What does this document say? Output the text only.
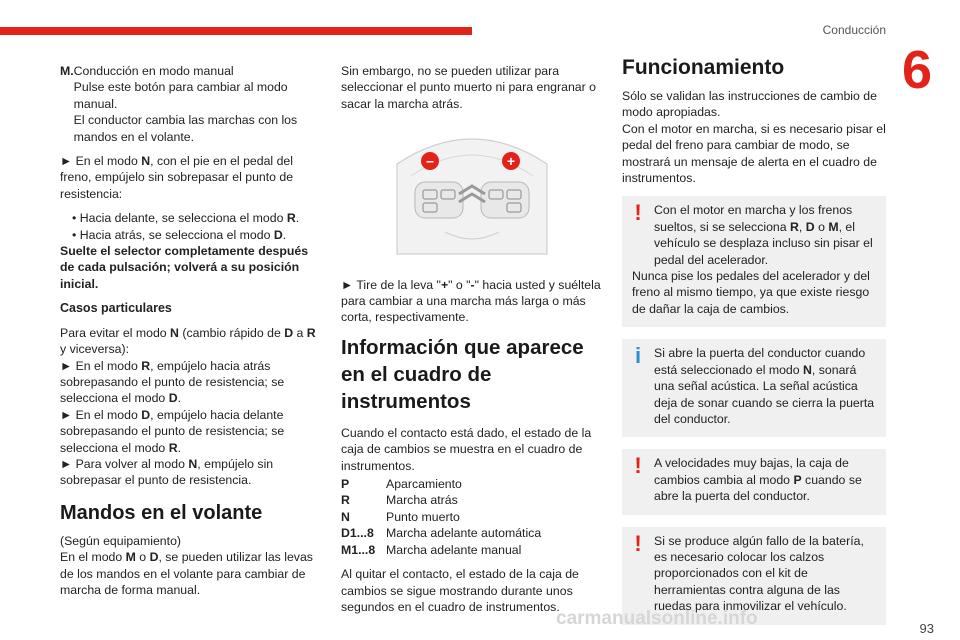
Conducción
6
M. Conducción en modo manual
Pulse este botón para cambiar al modo manual.
El conductor cambia las marchas con los mandos en el volante.

► En el modo N, con el pie en el pedal del freno, empújelo sin sobrepasar el punto de resistencia:

• Hacia delante, se selecciona el modo R.
• Hacia atrás, se selecciona el modo D.

Suelte el selector completamente después de cada pulsación; volverá a su posición inicial.

Casos particulares

Para evitar el modo N (cambio rápido de D a R y viceversa):
► En el modo R, empújelo hacia atrás sobrepasando el punto de resistencia; se selecciona el modo D.
► En el modo D, empújelo hacia delante sobrepasando el punto de resistencia; se selecciona el modo R.
► Para volver al modo N, empújelo sin sobrepasar el punto de resistencia.

Mandos en el volante
(Según equipamiento)

En el modo M o D, se pueden utilizar las levas de los mandos en el volante para cambiar de marcha de forma manual.

Sin embargo, no se pueden utilizar para seleccionar el punto muerto ni para engranar o sacar la marcha atrás.

–	+

► Tire de la leva "+" o "-" hacia usted y suéltela para cambiar a una marcha más larga o más corta, respectivamente.

Información que aparece en el cuadro de instrumentos

Cuando el contacto está dado, el estado de la caja de cambios se muestra en el cuadro de instrumentos.

P	Aparcamiento
R	Marcha atrás
N	Punto muerto
D1...8	Marcha adelante automática
M1...8	Marcha adelante manual

Al quitar el contacto, el estado de la caja de cambios se sigue mostrando durante unos segundos en el cuadro de instrumentos.

Funcionamiento
Sólo se validan las instrucciones de cambio de modo apropiadas.
Con el motor en marcha, si es necesario pisar el pedal del freno para cambiar de modo, se mostrará un mensaje de alerta en el cuadro de instrumentos.
!	Con el motor en marcha y los frenos sueltos, si se selecciona R, D o M, el vehículo se desplaza incluso sin pisar el pedal del acelerador.
Nunca pise los pedales del acelerador y del freno al mismo tiempo, ya que existe riesgo de dañar la caja de cambios.
i	Si abre la puerta del conductor cuando está seleccionado el modo N, sonará una señal acústica. La señal acústica deja de sonar cuando se cierra la puerta del conductor.
!	A velocidades muy bajas, la caja de cambios cambia al modo P cuando se abre la puerta del conductor.
!	Si se produce algún fallo de la batería, es necesario colocar los calzos proporcionados con el kit de herramientas contra alguna de las ruedas para inmovilizar el vehículo.
carmanualsonline.info	93
